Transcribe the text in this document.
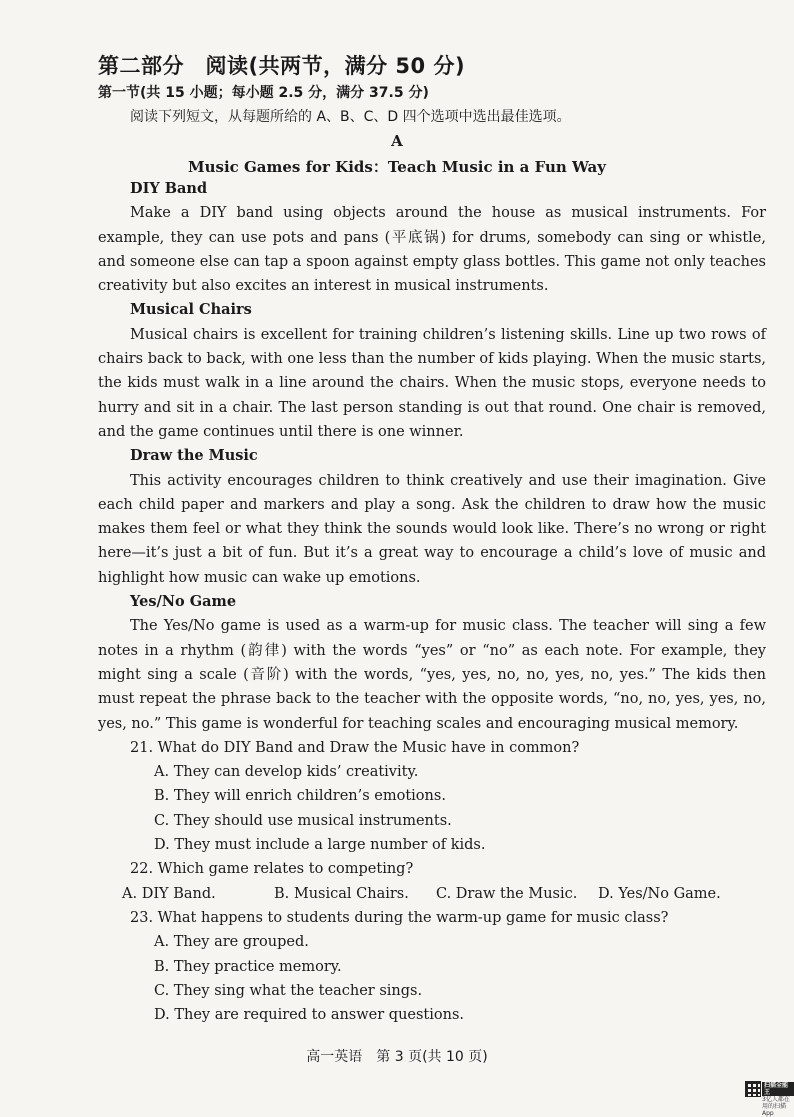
第二部分　阅读(共两节，满分 50 分)
第一节(共 15 小题；每小题 2.5 分，满分 37.5 分)
阅读下列短文，从每题所给的 A、B、C、D 四个选项中选出最佳选项。
A
Music Games for Kids：Teach Music in a Fun Way
DIY Band

Make a DIY band using objects around the house as musical instruments. For example, they can use pots and pans (平底锅) for drums, somebody can sing or whistle, and someone else can tap a spoon against empty glass bottles. This game not only teaches creativity but also excites an interest in musical instruments.

Musical Chairs

Musical chairs is excellent for training children’s listening skills. Line up two rows of chairs back to back, with one less than the number of kids playing. When the music starts, the kids must walk in a line around the chairs. When the music stops, everyone needs to hurry and sit in a chair. The last person standing is out that round. One chair is removed, and the game continues until there is one winner.

Draw the Music

This activity encourages children to think creatively and use their imagination. Give each child paper and markers and play a song. Ask the children to draw how the music makes them feel or what they think the sounds would look like. There’s no wrong or right here—it’s just a bit of fun. But it’s a great way to encourage a child’s love of music and highlight how music can wake up emotions.

Yes/No Game

The Yes/No game is used as a warm-up for music class. The teacher will sing a few notes in a rhythm (韵律) with the words “yes” or “no” as each note. For example, they might sing a scale (音阶) with the words, “yes, yes, no, no, yes, no, yes.” The kids then must repeat the phrase back to the teacher with the opposite words, “no, no, yes, yes, no, yes, no.” This game is wonderful for teaching scales and encouraging musical memory.

21. What do DIY Band and Draw the Music have in common?

A. They can develop kids’ creativity.

B. They will enrich children’s emotions.

C. They should use musical instruments.

D. They must include a large number of kids.

22. Which game relates to competing?

A. DIY Band.	B. Musical Chairs.	C. Draw the Music.	D. Yes/No Game.

23. What happens to students during the warm-up game for music class?

A. They are grouped.

B. They practice memory.

C. They sing what the teacher sings.

D. They are required to answer questions.

高一英语　第 3 页(共 10 页)
扫描全能王
3亿人都在用的扫描App
